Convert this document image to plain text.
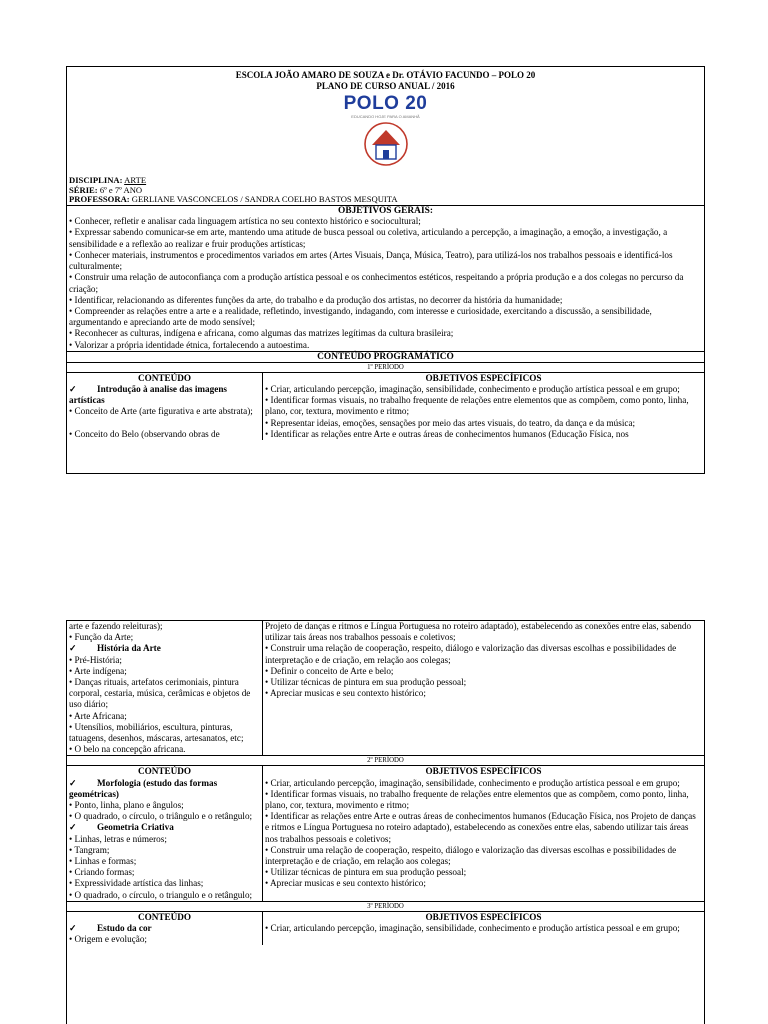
ESCOLA JOÃO AMARO DE SOUZA e Dr. OTÁVIO FACUNDO – POLO 20
PLANO DE CURSO ANUAL / 2016
POLO 20
EDUCANDO HOJE PARA O AMANHÃ
DISCIPLINA: ARTE
SÉRIE: 6º e 7º ANO
PROFESSORA: GERLIANE VASCONCELOS / SANDRA COELHO BASTOS MESQUITA
OBJETIVOS GERAIS:

• Conhecer, refletir e analisar cada linguagem artística no seu contexto histórico e sociocultural;

• Expressar sabendo comunicar-se em arte, mantendo uma atitude de busca pessoal ou coletiva, articulando a percepção, a imaginação, a emoção, a investigação, a sensibilidade e a reflexão ao realizar e fruir produções artísticas;

• Conhecer materiais, instrumentos e procedimentos variados em artes (Artes Visuais, Dança, Música, Teatro), para utilizá-los nos trabalhos pessoais e identificá-los culturalmente;

• Construir uma relação de autoconfiança com a produção artística pessoal e os conhecimentos estéticos, respeitando a própria produção e a dos colegas no percurso da criação;

• Identificar, relacionando as diferentes funções da arte, do trabalho e da produção dos artistas, no decorrer da história da humanidade;

• Compreender as relações entre a arte e a realidade, refletindo, investigando, indagando, com interesse e curiosidade, exercitando a discussão, a sensibilidade, argumentando e apreciando arte de modo sensível;

• Reconhecer as culturas, indígena e africana, como algumas das matrizes legítimas da cultura brasileira;

• Valorizar a própria identidade étnica, fortalecendo a autoestima.

CONTEÚDO PROGRAMÁTICO
1º PERÍODO

CONTEÚDO

✓ Introdução à analise das imagens artísticas

• Conceito de Arte (arte figurativa e arte abstrata);

• Conceito do Belo (observando obras de

OBJETIVOS ESPECÍFICOS

• Criar, articulando percepção, imaginação, sensibilidade, conhecimento e produção artística pessoal e em grupo;

• Identificar formas visuais, no trabalho frequente de relações entre elementos que as compõem, como ponto, linha, plano, cor, textura, movimento e ritmo;

• Representar ideias, emoções, sensações por meio das artes visuais, do teatro, da dança e da música;

• Identificar as relações entre Arte e outras áreas de conhecimentos humanos (Educação Física, nos

arte e fazendo releituras);

• Função da Arte;

✓ História da Arte

• Pré-História;

• Arte indígena;

• Danças rituais, artefatos cerimoniais, pintura corporal, cestaria, música, cerâmicas e objetos de uso diário;

• Arte Africana;

• Utensílios, mobiliários, escultura, pinturas, tatuagens, desenhos, máscaras, artesanatos, etc;

• O belo na concepção africana.

Projeto de danças e ritmos e Língua Portuguesa no roteiro adaptado), estabelecendo as conexões entre elas, sabendo utilizar tais áreas nos trabalhos pessoais e coletivos;

• Construir uma relação de cooperação, respeito, diálogo e valorização das diversas escolhas e possibilidades de interpretação e de criação, em relação aos colegas;

• Definir o conceito de Arte e belo;

• Utilizar técnicas de pintura em sua produção pessoal;

• Apreciar musicas e seu contexto histórico;

2º PERÍODO

CONTEÚDO

✓ Morfologia (estudo das formas geométricas)

• Ponto, linha, plano e ângulos;

• O quadrado, o círculo, o triângulo e o retângulo;

✓ Geometria Criativa

• Linhas, letras e números;

• Tangram;

• Linhas e formas;

• Criando formas;

• Expressividade artística das linhas;

• O quadrado, o círculo, o triangulo e o retângulo;

OBJETIVOS ESPECÍFICOS

• Criar, articulando percepção, imaginação, sensibilidade, conhecimento e produção artística pessoal e em grupo;

• Identificar formas visuais, no trabalho frequente de relações entre elementos que as compõem, como ponto, linha, plano, cor, textura, movimento e ritmo;

• Identificar as relações entre Arte e outras áreas de conhecimentos humanos (Educação Física, nos Projeto de danças e ritmos e Língua Portuguesa no roteiro adaptado), estabelecendo as conexões entre elas, sabendo utilizar tais áreas nos trabalhos pessoais e coletivos;

• Construir uma relação de cooperação, respeito, diálogo e valorização das diversas escolhas e possibilidades de interpretação e de criação, em relação aos colegas;

• Utilizar técnicas de pintura em sua produção pessoal;

• Apreciar musicas e seu contexto histórico;

3º PERÍODO

CONTEÚDO

✓ Estudo da cor

• Origem e evolução;

OBJETIVOS ESPECÍFICOS

• Criar, articulando percepção, imaginação, sensibilidade, conhecimento e produção artística pessoal e em grupo;
